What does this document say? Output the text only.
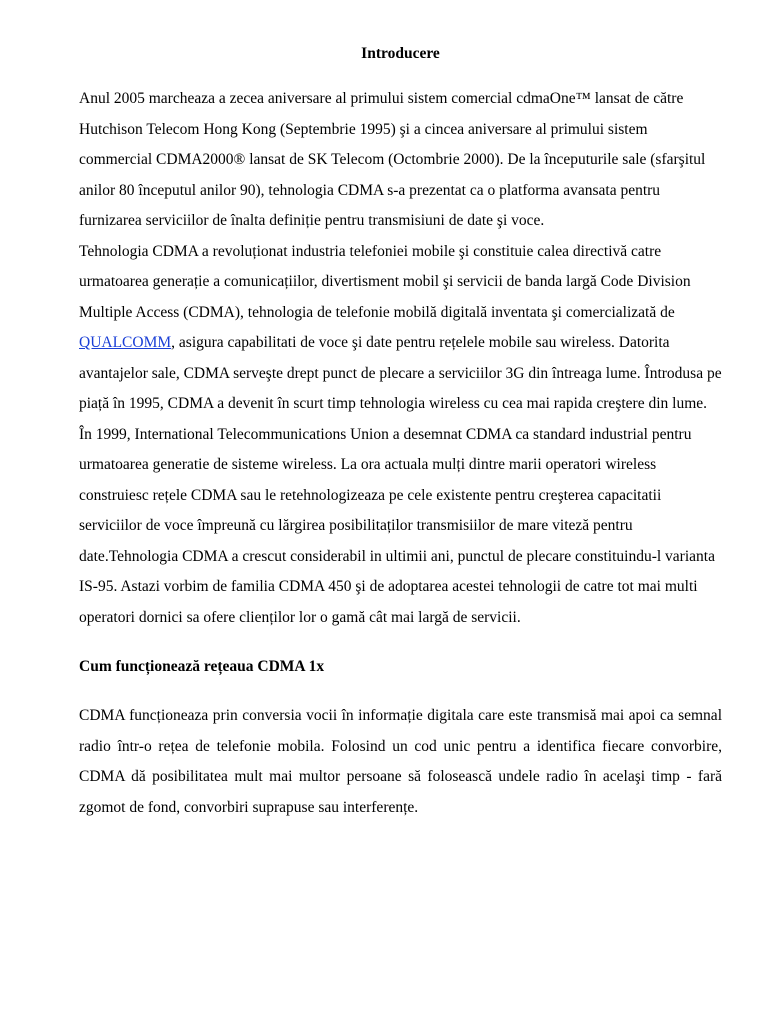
Introducere

Anul 2005 marcheaza a zecea aniversare al primului sistem comercial cdmaOne™ lansat de către Hutchison Telecom Hong Kong (Septembrie 1995) şi a cincea aniversare al primului sistem commercial CDMA2000® lansat de SK Telecom (Octombrie 2000). De la începuturile sale (sfarşitul anilor 80 începutul anilor 90), tehnologia CDMA s-a prezentat ca o platforma avansata pentru furnizarea serviciilor de înalta definiție pentru transmisiuni de date şi voce.

Tehnologia CDMA a revoluționat industria telefoniei mobile şi constituie calea directivă catre urmatoarea generație a comunicațiilor, divertisment mobil şi servicii de banda largă Code Division Multiple Access (CDMA), tehnologia de telefonie mobilă digitală inventata şi comercializată de QUALCOMM, asigura capabilitati de voce şi date pentru rețelele mobile sau wireless. Datorita avantajelor sale, CDMA serveşte drept punct de plecare a serviciilor 3G din întreaga lume. Întrodusa pe piață în 1995, CDMA a devenit în scurt timp tehnologia wireless cu cea mai rapida creştere din lume. În 1999, International Telecommunications Union a desemnat CDMA ca standard industrial pentru urmatoarea generatie de sisteme wireless. La ora actuala mulți dintre marii operatori wireless construiesc rețele CDMA sau le retehnologizeaza pe cele existente pentru creşterea capacitatii serviciilor de voce împreună cu lărgirea posibilitaților transmisiilor de mare viteză pentru date.Tehnologia CDMA a crescut considerabil in ultimii ani, punctul de plecare constituindu-l varianta IS-95. Astazi vorbim de familia CDMA 450 şi de adoptarea acestei tehnologii de catre tot mai multi operatori dornici sa ofere clienților lor o gamă cât mai largă de servicii.

Cum funcționează rețeaua CDMA 1x

CDMA funcționeaza prin conversia vocii în informație digitala care este transmisă mai apoi ca semnal radio într-o rețea de telefonie mobila. Folosind un cod unic pentru a identifica fiecare convorbire, CDMA dă posibilitatea mult mai multor persoane să folosească undele radio în acelaşi timp - fară zgomot de fond, convorbiri suprapuse sau interferențe.
